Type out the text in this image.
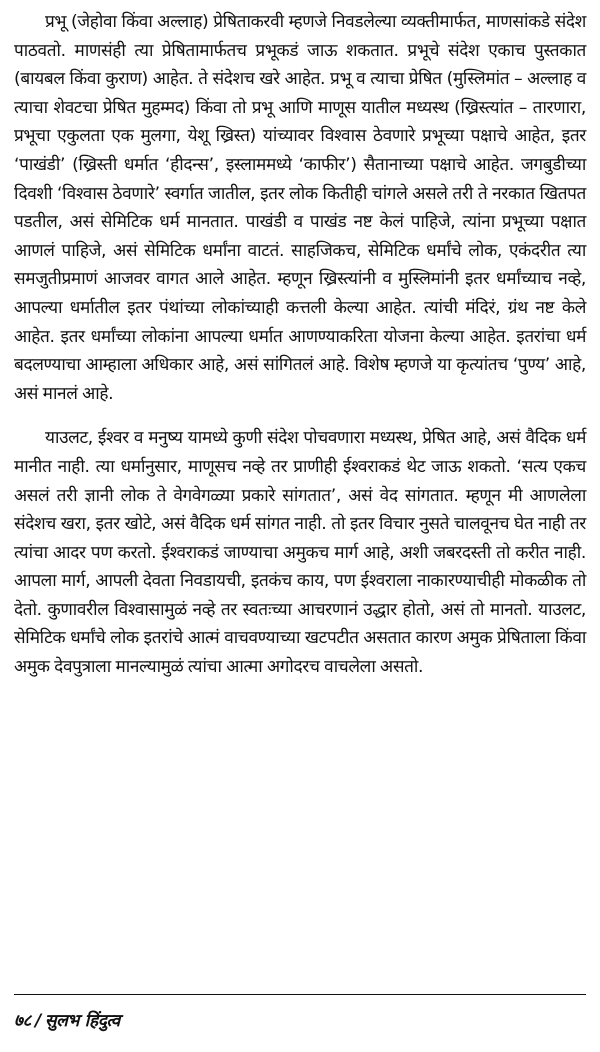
प्रभू (जेहोवा किंवा अल्लाह) प्रेषिताकरवी म्हणजे निवडलेल्या व्यक्तीमार्फत, माणसांकडे संदेश पाठवतो. माणसंही त्या प्रेषितामार्फतच प्रभूकडं जाऊ शकतात. प्रभूचे संदेश एकाच पुस्तकात (बायबल किंवा कुराण) आहेत. ते संदेशच खरे आहेत. प्रभू व त्याचा प्रेषित (मुस्लिमांत – अल्लाह व त्याचा शेवटचा प्रेषित मुहम्मद) किंवा तो प्रभू आणि माणूस यातील मध्यस्थ (ख्रिस्त्यांत – तारणारा, प्रभूचा एकुलता एक मुलगा, येशू ख्रिस्त) यांच्यावर विश्वास ठेवणारे प्रभूच्या पक्षाचे आहेत, इतर ‘पाखंडी’ (ख्रिस्ती धर्मात ‘हीदन्स’, इस्लाममध्ये ‘काफीर’) सैतानाच्या पक्षाचे आहेत. जगबुडीच्या दिवशी ‘विश्वास ठेवणारे’ स्वर्गात जातील, इतर लोक कितीही चांगले असले तरी ते नरकात खितपत पडतील, असं सेमिटिक धर्म मानतात. पाखंडी व पाखंड नष्ट केलं पाहिजे, त्यांना प्रभूच्या पक्षात आणलं पाहिजे, असं सेमिटिक धर्मांना वाटतं. साहजिकच, सेमिटिक धर्मांचे लोक, एकंदरीत त्या समजुतीप्रमाणं आजवर वागत आले आहेत. म्हणून ख्रिस्त्यांनी व मुस्लिमांनी इतर धर्मांच्याच नव्हे, आपल्या धर्मातील इतर पंथांच्या लोकांच्याही कत्तली केल्या आहेत. त्यांची मंदिरं, ग्रंथ नष्ट केले आहेत. इतर धर्मांच्या लोकांना आपल्या धर्मात आणण्याकरिता योजना केल्या आहेत. इतरांचा धर्म बदलण्याचा आम्हाला अधिकार आहे, असं सांगितलं आहे. विशेष म्हणजे या कृत्यांतच ‘पुण्य’ आहे, असं मानलं आहे.

याउलट, ईश्वर व मनुष्य यामध्ये कुणी संदेश पोचवणारा मध्यस्थ, प्रेषित आहे, असं वैदिक धर्म मानीत नाही. त्या धर्मानुसार, माणूसच नव्हे तर प्राणीही ईश्वराकडं थेट जाऊ शकतो. ‘सत्य एकच असलं तरी ज्ञानी लोक ते वेगवेगळ्या प्रकारे सांगतात’, असं वेद सांगतात. म्हणून मी आणलेला संदेशच खरा, इतर खोटे, असं वैदिक धर्म सांगत नाही. तो इतर विचार नुसते चालवूनच घेत नाही तर त्यांचा आदर पण करतो. ईश्वराकडं जाण्याचा अमुकच मार्ग आहे, अशी जबरदस्ती तो करीत नाही. आपला मार्ग, आपली देवता निवडायची, इतकंच काय, पण ईश्वराला नाकारण्याचीही मोकळीक तो देतो. कुणावरील विश्वासामुळं नव्हे तर स्वतःच्या आचरणानं उद्धार होतो, असं तो मानतो. याउलट, सेमिटिक धर्मांचे लोक इतरांचे आत्मं वाचवण्याच्या खटपटीत असतात कारण अमुक प्रेषिताला किंवा अमुक देवपुत्राला मानल्यामुळं त्यांचा आत्मा अगोदरच वाचलेला असतो.

७८ / सुलभ हिंदुत्व
